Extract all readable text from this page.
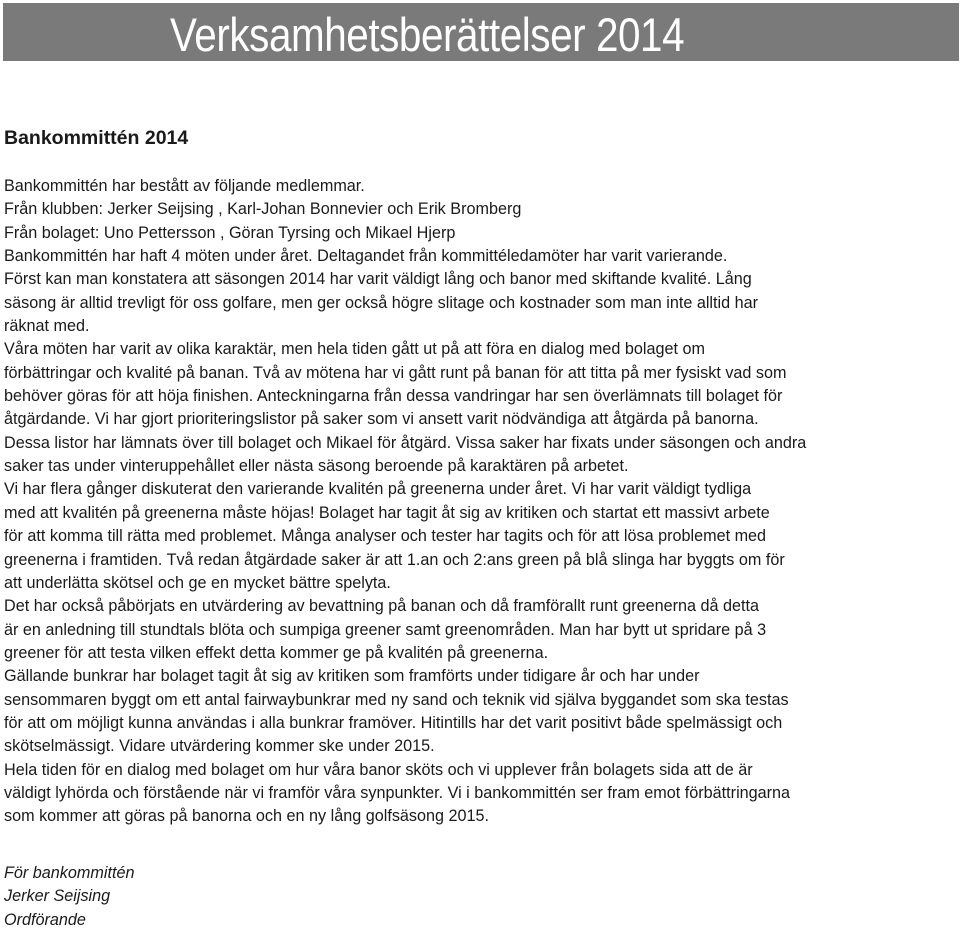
Verksamhetsberättelser 2014
Bankommittén 2014
Bankommittén har bestått av följande medlemmar.
Från klubben: Jerker Seijsing , Karl-Johan Bonnevier och Erik Bromberg
Från bolaget: Uno Pettersson , Göran Tyrsing och Mikael Hjerp
Bankommittén har haft 4 möten under året. Deltagandet från kommittéledamöter har varit varierande.
Först kan man konstatera att säsongen 2014 har varit väldigt lång och banor med skiftande kvalité. Lång
säsong är alltid trevligt för oss golfare, men ger också högre slitage och kostnader som man inte alltid har
räknat med.
Våra möten har varit av olika karaktär, men hela tiden gått ut på att föra en dialog med bolaget om
förbättringar och kvalité på banan. Två av mötena har vi gått runt på banan för att titta på mer fysiskt vad som
behöver göras för att höja finishen. Anteckningarna från dessa vandringar har sen överlämnats till bolaget för
åtgärdande. Vi har gjort prioriteringslistor på saker som vi ansett varit nödvändiga att åtgärda på banorna.
Dessa listor har lämnats över till bolaget och Mikael för åtgärd. Vissa saker har fixats under säsongen och andra
saker tas under vinteruppehållet eller nästa säsong beroende på karaktären på arbetet.
Vi har flera gånger diskuterat den varierande kvalitén på greenerna under året. Vi har varit väldigt tydliga
med att kvalitén på greenerna måste höjas! Bolaget har tagit åt sig av kritiken och startat ett massivt arbete
för att komma till rätta med problemet. Många analyser och tester har tagits och för att lösa problemet med
greenerna i framtiden. Två redan åtgärdade saker är att 1.an och 2:ans green på blå slinga har byggts om för
att underlätta skötsel och ge en mycket bättre spelyta.
Det har också påbörjats en utvärdering av bevattning på banan och då framförallt runt greenerna då detta
är en anledning till stundtals blöta och sumpiga greener samt greenområden. Man har bytt ut spridare på 3
greener för att testa vilken effekt detta kommer ge på kvalitén på greenerna.
Gällande bunkrar har bolaget tagit åt sig av kritiken som framförts under tidigare år och har under
sensommaren byggt om ett antal fairwaybunkrar med ny sand och teknik vid själva byggandet som ska testas
för att om möjligt kunna användas i alla bunkrar framöver. Hitintills har det varit positivt både spelmässigt och
skötselmässigt. Vidare utvärdering kommer ske under 2015.
Hela tiden för en dialog med bolaget om hur våra banor sköts och vi upplever från bolagets sida att de är
väldigt lyhörda och förstående när vi framför våra synpunkter. Vi i bankommittén ser fram emot förbättringarna
som kommer att göras på banorna och en ny lång golfsäsong 2015.
För bankommittén
Jerker Seijsing
Ordförande
